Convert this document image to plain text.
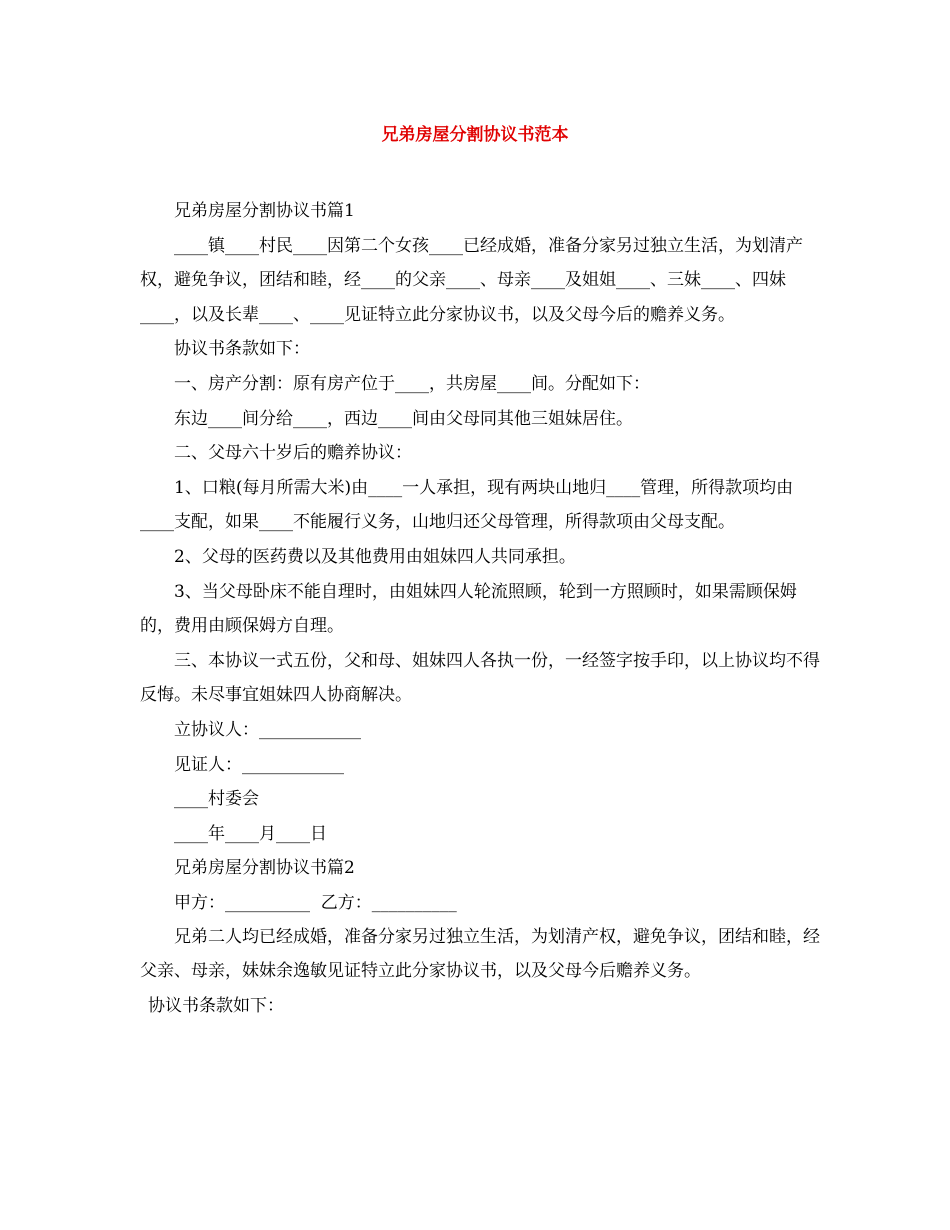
兄弟房屋分割协议书范本

兄弟房屋分割协议书篇1

____镇____村民____因第二个女孩____已经成婚，准备分家另过独立生活，为划清产权，避免争议，团结和睦，经____的父亲____、母亲____及姐姐____、三妹____、四妹____，以及长辈____、____见证特立此分家协议书，以及父母今后的赡养义务。

协议书条款如下：

一、房产分割：原有房产位于____，共房屋____间。分配如下：

东边____间分给____，西边____间由父母同其他三姐妹居住。

二、父母六十岁后的赡养协议：

1、口粮(每月所需大米)由____一人承担，现有两块山地归____管理，所得款项均由____支配，如果____不能履行义务，山地归还父母管理，所得款项由父母支配。

2、父母的医药费以及其他费用由姐妹四人共同承担。

3、当父母卧床不能自理时，由姐妹四人轮流照顾，轮到一方照顾时，如果需顾保姆的，费用由顾保姆方自理。

三、本协议一式五份，父和母、姐妹四人各执一份，一经签字按手印，以上协议均不得反悔。未尽事宜姐妹四人协商解决。

立协议人：____________

见证人：____________

____村委会

____年____月____日

兄弟房屋分割协议书篇2

甲方：__________  乙方：__________

兄弟二人均已经成婚，准备分家另过独立生活，为划清产权，避免争议，团结和睦，经父亲、母亲，妹妹余逸敏见证特立此分家协议书，以及父母今后赡养义务。

协议书条款如下：
